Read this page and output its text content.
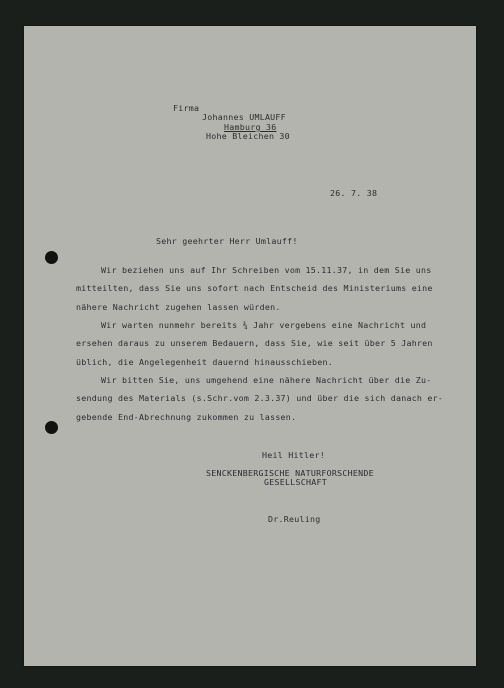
Firma

Johannes UMLAUFF

Hamburg 36

Hohe Bleichen 30

26. 7. 38

Sehr geehrter Herr Umlauff!

Wir beziehen uns auf Ihr Schreiben vom 15.11.37, in dem Sie uns

mitteilten, dass Sie uns sofort nach Entscheid des Ministeriums eine

nähere Nachricht zugehen lassen würden.

Wir warten nunmehr bereits ¾ Jahr vergebens eine Nachricht und

ersehen daraus zu unserem Bedauern, dass Sie, wie seit über 5 Jahren

üblich, die Angelegenheit dauernd hinausschieben.

Wir bitten Sie, uns umgehend eine nähere Nachricht über die Zu-

sendung des Materials (s.Schr.vom 2.3.37) und über die sich danach er-

gebende End-Abrechnung zukommen zu lassen.

Heil Hitler!

SENCKENBERGISCHE NATURFORSCHENDE

GESELLSCHAFT

Dr.Reuling
